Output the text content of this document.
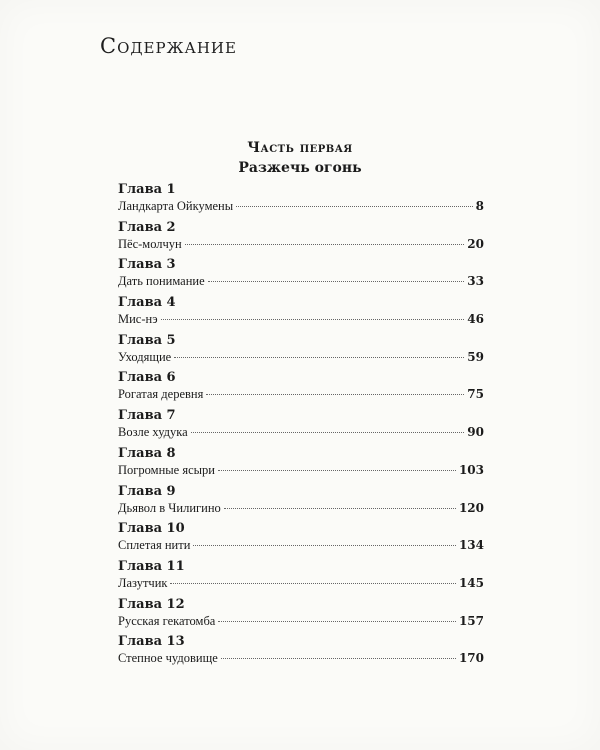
Содержание
Часть первая
Разжечь огонь
Глава 1
Ландкарта Ойкумены	8
Глава 2
Пёс-молчун	20
Глава 3
Дать понимание	33
Глава 4
Мис-нэ	46
Глава 5
Уходящие	59
Глава 6
Рогатая деревня	75
Глава 7
Возле худука	90
Глава 8
Погромные ясыри	103
Глава 9
Дьявол в Чилигино	120
Глава 10
Сплетая нити	134
Глава 11
Лазутчик	145
Глава 12
Русская гекатомба	157
Глава 13
Степное чудовище	170
